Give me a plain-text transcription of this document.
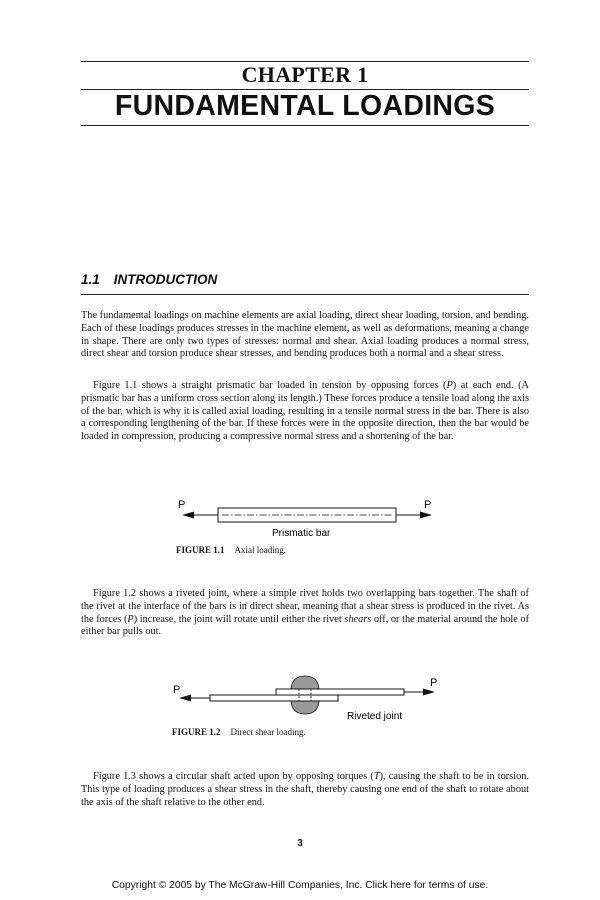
CHAPTER 1
FUNDAMENTAL LOADINGS
1.1 INTRODUCTION

The fundamental loadings on machine elements are axial loading, direct shear loading, torsion, and bending. Each of these loadings produces stresses in the machine element, as well as deformations, meaning a change in shape. There are only two types of stresses: normal and shear. Axial loading produces a normal stress, direct shear and torsion produce shear stresses, and bending produces both a normal and a shear stress.

Figure 1.1 shows a straight prismatic bar loaded in tension by opposing forces (P) at each end. (A prismatic bar has a uniform cross section along its length.) These forces produce a tensile load along the axis of the bar, which is why it is called axial loading, resulting in a tensile normal stress in the bar. There is also a corresponding lengthening of the bar. If these forces were in the opposite direction, then the bar would be loaded in compression, producing a compressive normal stress and a shortening of the bar.

P	P
Prismatic bar
FIGURE 1.1 Axial loading.

Figure 1.2 shows a riveted joint, where a simple rivet holds two overlapping bars together. The shaft of the rivet at the interface of the bars is in direct shear, meaning that a shear stress is produced in the rivet. As the forces (P) increase, the joint will rotate until either the rivet shears off, or the material around the hole of either bar pulls out.

P
P
Riveted joint
FIGURE 1.2 Direct shear loading.

Figure 1.3 shows a circular shaft acted upon by opposing torques (T), causing the shaft to be in torsion. This type of loading produces a shear stress in the shaft, thereby causing one end of the shaft to rotate about the axis of the shaft relative to the other end.

3
Copyright © 2005 by The McGraw-Hill Companies, Inc. Click here for terms of use.
